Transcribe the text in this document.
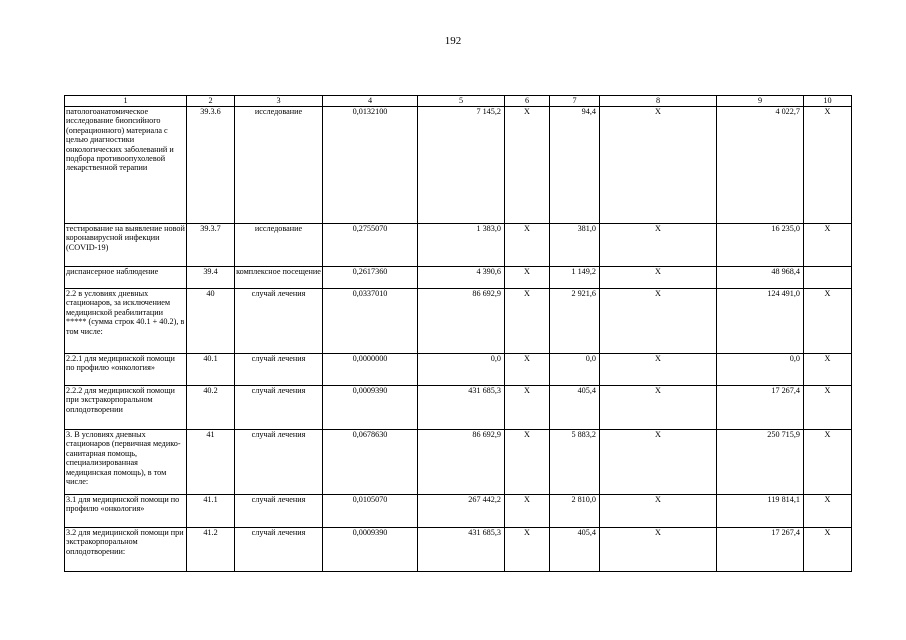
192
1	2	3	4	5	6	7	8	9	10
патологоанатомическое исследование биопсийного (операционного) материала с целью диагностики онкологических заболеваний и подбора противоопухолевой лекарственной терапии	39.3.6	исследование	0,0132100	7 145,2	Х	94,4	Х	4 022,7	Х
тестирование на выявление новой коронавирусной инфекции (COVID-19)	39.3.7	исследование	0,2755070	1 383,0	Х	381,0	Х	16 235,0	Х
диспансерное наблюдение	39.4	комплексное посещение	0,2617360	4 390,6	Х	1 149,2	Х	48 968,4	
2.2 в условиях дневных стационаров, за исключением медицинской реабилитации ***** (сумма строк 40.1 + 40.2), в том числе:	40	случай лечения	0,0337010	86 692,9	Х	2 921,6	Х	124 491,0	Х
2.2.1 для медицинской помощи по профилю «онкология»	40.1	случай лечения	0,0000000	0,0	Х	0,0	Х	0,0	Х
2.2.2 для медицинской помощи при экстракорпоральном оплодотворении	40.2	случай лечения	0,0009390	431 685,3	Х	405,4	Х	17 267,4	Х
3. В условиях дневных стационаров (первичная медико-санитарная помощь, специализированная медицинская помощь), в том числе:	41	случай лечения	0,0678630	86 692,9	Х	5 883,2	Х	250 715,9	Х
3.1 для медицинской помощи по профилю «онкология»	41.1	случай лечения	0,0105070	267 442,2	Х	2 810,0	Х	119 814,1	Х
3.2 для медицинской помощи при экстракорпоральном оплодотворении:	41.2	случай лечения	0,0009390	431 685,3	Х	405,4	Х	17 267,4	Х
